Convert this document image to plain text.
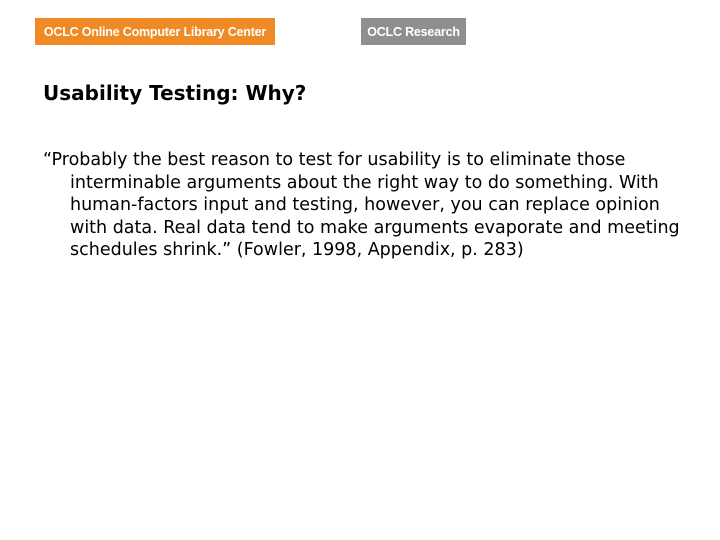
OCLC Online Computer Library Center	OCLC Research
Usability Testing: Why?

“Probably the best reason to test for usability is to eliminate those interminable arguments about the right way to do something. With human-factors input and testing, however, you can replace opinion with data. Real data tend to make arguments evaporate and meeting schedules shrink.” (Fowler, 1998, Appendix, p. 283)
